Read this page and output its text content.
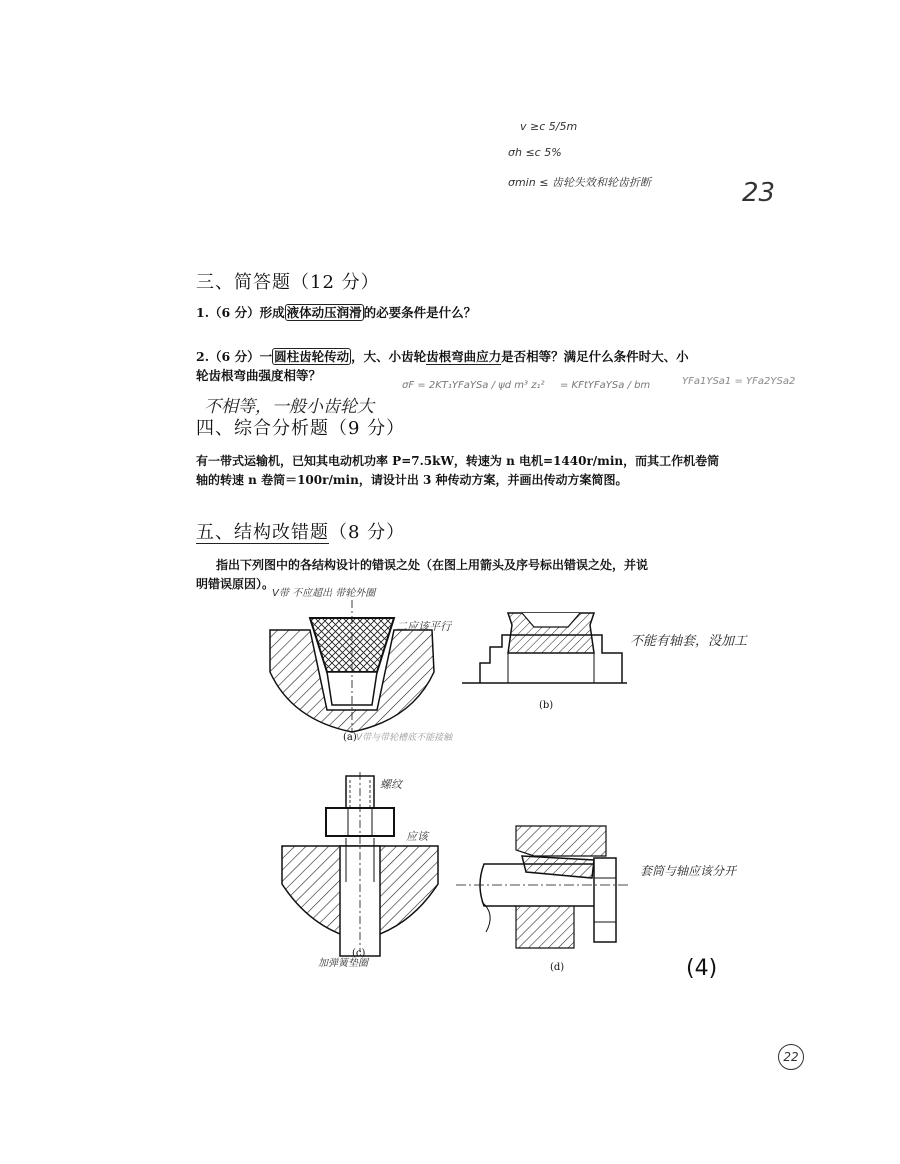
v ≥c 5/5m
σh ≤c 5%
σmin ≤ 齿轮失效和轮齿折断	23
三、简答题（12 分）
1.（6 分）形成 液体动压润滑 的必要条件是什么？
2.（6 分）一 圆柱齿轮传动 ，大、小齿轮齿根弯曲应力是否相等？满足什么条件时大、小
轮齿根弯曲强度相等？
不相等，一般小齿轮大
σF = 2KT₁YFaYSa / ψd m³ z₁² = KFtYFaYSa / bm	YFa1YSa1 = YFa2YSa2
四、综合分析题（9 分）
有一带式运输机，已知其电动机功率 P=7.5kW，转速为 n 电机=1440r/min，而其工作机卷筒
轴的转速 n 卷筒＝100r/min，请设计出 3 种传动方案，并画出传动方案简图。
五、结构改错题（8 分）
指出下列图中的各结构设计的错误之处（在图上用箭头及序号标出错误之处，并说
明错误原因）。
V带 不应超出 带轮外圈
二应该平行
(a) V带与带轮槽底不能接触
(b)
不能有轴套，没加工
螺纹
应该
(c)
加弹簧垫圈	(d)
套筒与轴应该分开
(4)
22
